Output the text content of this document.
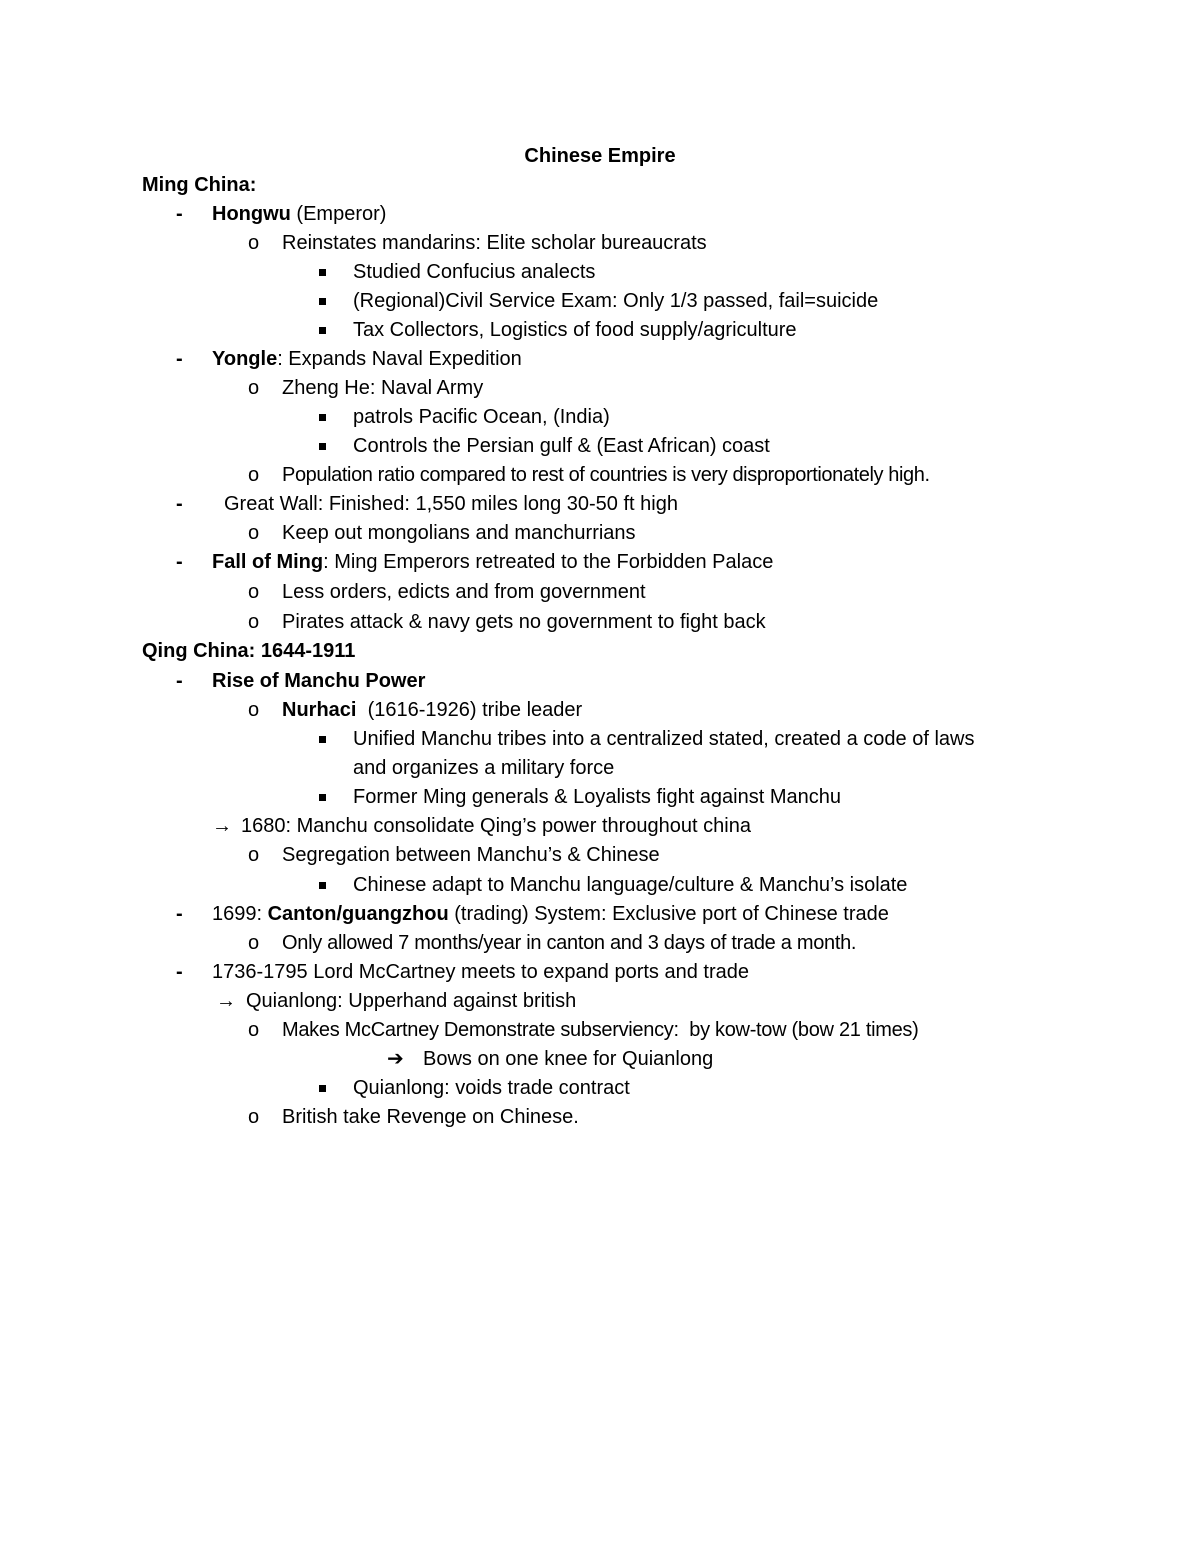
Chinese Empire
Ming China:
- Hongwu (Emperor)
o Reinstates mandarins: Elite scholar bureaucrats
Studied Confucius analects
(Regional)Civil Service Exam: Only 1/3 passed, fail=suicide
Tax Collectors, Logistics of food supply/agriculture
- Yongle: Expands Naval Expedition
o Zheng He: Naval Army
patrols Pacific Ocean, (India)
Controls the Persian gulf & (East African) coast
o Population ratio compared to rest of countries is very disproportionately high.
- Great Wall: Finished: 1,550 miles long 30-50 ft high
o Keep out mongolians and manchurrians
- Fall of Ming: Ming Emperors retreated to the Forbidden Palace
o Less orders, edicts and from government
o Pirates attack & navy gets no government to fight back
Qing China: 1644-1911
- Rise of Manchu Power
o Nurhaci  (1616-1926) tribe leader
Unified Manchu tribes into a centralized stated, created a code of laws
and organizes a military force
Former Ming generals & Loyalists fight against Manchu
→ 1680: Manchu consolidate Qing’s power throughout china
o Segregation between Manchu’s & Chinese
Chinese adapt to Manchu language/culture & Manchu’s isolate
- 1699: Canton/guangzhou (trading) System: Exclusive port of Chinese trade
o Only allowed 7 months/year in canton and 3 days of trade a month.
- 1736-1795 Lord McCartney meets to expand ports and trade
→ Quianlong: Upperhand against british
o Makes McCartney Demonstrate subserviency:  by kow-tow (bow 21 times)
➔ Bows on one knee for Quianlong
Quianlong: voids trade contract
o British take Revenge on Chinese.
